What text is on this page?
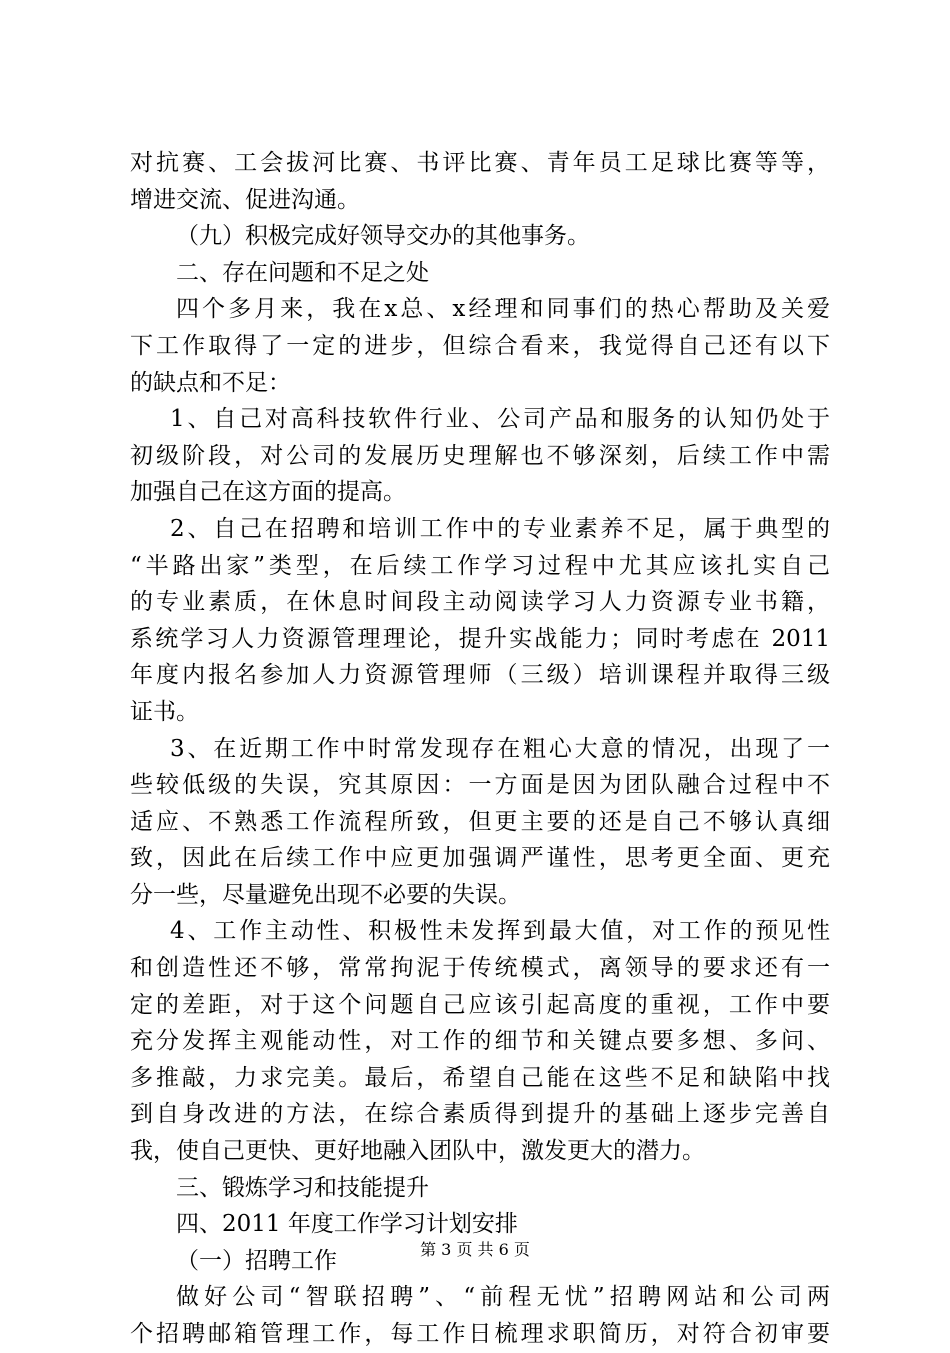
对抗赛、工会拔河比赛、书评比赛、青年员工足球比赛等等，
增进交流、促进沟通。
（九）积极完成好领导交办的其他事务。
二、存在问题和不足之处
四个多月来，我在x总、x经理和同事们的热心帮助及关爱
下工作取得了一定的进步，但综合看来，我觉得自己还有以下
的缺点和不足：
1、自己对高科技软件行业、公司产品和服务的认知仍处于
初级阶段，对公司的发展历史理解也不够深刻，后续工作中需
加强自己在这方面的提高。
2、自己在招聘和培训工作中的专业素养不足，属于典型的
“半路出家”类型，在后续工作学习过程中尤其应该扎实自己
的专业素质，在休息时间段主动阅读学习人力资源专业书籍，
系统学习人力资源管理理论，提升实战能力；同时考虑在 2011
年度内报名参加人力资源管理师（三级）培训课程并取得三级
证书。
3、在近期工作中时常发现存在粗心大意的情况，出现了一
些较低级的失误，究其原因：一方面是因为团队融合过程中不
适应、不熟悉工作流程所致，但更主要的还是自己不够认真细
致，因此在后续工作中应更加强调严谨性，思考更全面、更充
分一些，尽量避免出现不必要的失误。
4、工作主动性、积极性未发挥到最大值，对工作的预见性
和创造性还不够，常常拘泥于传统模式，离领导的要求还有一
定的差距，对于这个问题自己应该引起高度的重视，工作中要
充分发挥主观能动性，对工作的细节和关键点要多想、多问、
多推敲，力求完美。最后，希望自己能在这些不足和缺陷中找
到自身改进的方法，在综合素质得到提升的基础上逐步完善自
我，使自己更快、更好地融入团队中，激发更大的潜力。
三、锻炼学习和技能提升
四、2011 年度工作学习计划安排
（一）招聘工作
做好公司“智联招聘”、“前程无忧”招聘网站和公司两
个招聘邮箱管理工作，每工作日梳理求职简历，对符合初审要
第 3 页 共 6 页
